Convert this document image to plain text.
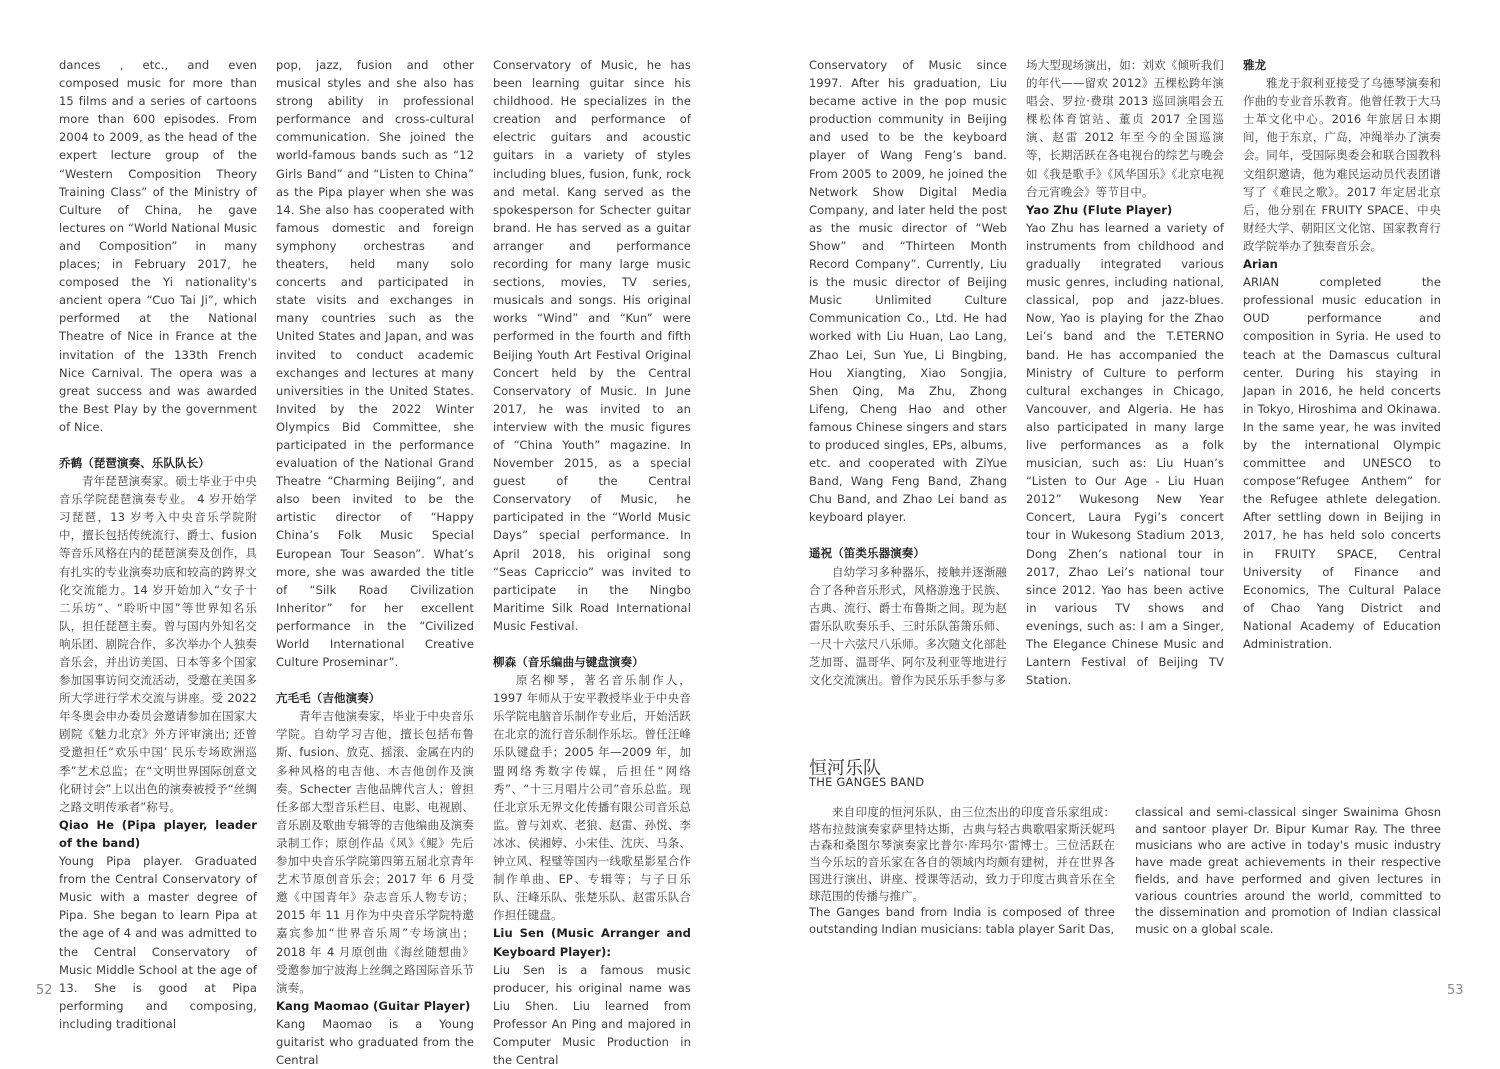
dances , etc., and even composed music for more than 15 films and a series of cartoons more than 600 episodes. From 2004 to 2009, as the head of the expert lecture group of the “Western Composition Theory Training Class” of the Ministry of Culture of China, he gave lectures on “World National Music and Composition” in many places; in February 2017, he composed the Yi nationality's ancient opera “Cuo Tai Ji”, which performed at the National Theatre of Nice in France at the invitation of the 133th French Nice Carnival. The opera was a great success and was awarded the Best Play by the government of Nice.

乔鹤（琵琶演奏、乐队队长）

青年琵琶演奏家。硕士毕业于中央音乐学院琵琶演奏专业。 4 岁开始学习琵琶，13 岁考入中央音乐学院附中，擅长包括传统流行、爵士、fusion 等音乐风格在内的琵琶演奏及创作，具有扎实的专业演奏功底和较高的跨界文化交流能力。14 岁开始加入“女子十二乐坊”、“聆听中国”等世界知名乐队，担任琵琶主奏。曾与国内外知名交响乐团、剧院合作，多次举办个人独奏音乐会，并出访美国、日本等多个国家参加国事访问交流活动，受邀在美国多所大学进行学术交流与讲座。受 2022 年冬奥会申办委员会邀请参加在国家大剧院《魅力北京》外方评审演出; 还曾受邀担任“欢乐中国’ 民乐专场欧洲巡季”艺术总监；在“文明世界国际创意文化研讨会”上以出色的演奏被授予“丝绸之路文明传承者”称号。

Qiao He (Pipa player, leader of the band)

Young Pipa player. Graduated from the Central Conservatory of Music with a master degree of Pipa. She began to learn Pipa at the age of 4 and was admitted to the Central Conservatory of Music Middle School at the age of 13. She is good at Pipa performing and composing, including traditional

pop, jazz, fusion and other musical styles and she also has strong ability in professional performance and cross-cultural communication. She joined the world-famous bands such as “12 Girls Band” and “Listen to China” as the Pipa player when she was 14. She also has cooperated with famous domestic and foreign symphony orchestras and theaters, held many solo concerts and participated in state visits and exchanges in many countries such as the United States and Japan, and was invited to conduct academic exchanges and lectures at many universities in the United States. Invited by the 2022 Winter Olympics Bid Committee, she participated in the performance evaluation of the National Grand Theatre “Charming Beijing”, and also been invited to be the artistic director of “Happy China’s Folk Music Special European Tour Season”. What’s more, she was awarded the title of “Silk Road Civilization Inheritor” for her excellent performance in the “Civilized World International Creative Culture Proseminar”.

亢毛毛（吉他演奏）

青年吉他演奏家，毕业于中央音乐学院。自幼学习吉他，擅长包括布鲁斯、fusion、放克、摇滚、金属在内的多种风格的电吉他、木吉他创作及演奏。Schecter 吉他品牌代言人；曾担任多部大型音乐栏目、电影、电视剧、音乐剧及歌曲专辑等的吉他编曲及演奏录制工作；原创作品《风》《鲲》先后参加中央音乐学院第四第五届北京青年艺术节原创音乐会；2017 年 6 月受邀《中国青年》杂志音乐人物专访；2015 年 11 月作为中央音乐学院特邀嘉宾参加“世界音乐周”专场演出；2018 年 4 月原创曲《海丝随想曲》受邀参加宁波海上丝绸之路国际音乐节演奏。

Kang Maomao (Guitar Player)

Kang Maomao is a Young guitarist who graduated from the Central

Conservatory of Music, he has been learning guitar since his childhood. He specializes in the creation and performance of electric guitars and acoustic guitars in a variety of styles including blues, fusion, funk, rock and metal. Kang served as the spokesperson for Schecter guitar brand. He has served as a guitar arranger and performance recording for many large music sections, movies, TV series, musicals and songs. His original works “Wind” and “Kun” were performed in the fourth and fifth Beijing Youth Art Festival Original Concert held by the Central Conservatory of Music. In June 2017, he was invited to an interview with the music figures of “China Youth” magazine. In November 2015, as a special guest of the Central Conservatory of Music, he participated in the “World Music Days” special performance. In April 2018, his original song “Seas Capriccio” was invited to participate in the Ningbo Maritime Silk Road International Music Festival.

柳森（音乐编曲与键盘演奏）

原名柳琴，著名音乐制作人，1997 年师从于安平教授毕业于中央音乐学院电脑音乐制作专业后，开始活跃在北京的流行音乐制作乐坛。曾任汪峰乐队键盘手；2005 年—2009 年，加盟网络秀数字传媒，后担任“网络秀”、“十三月唱片公司”音乐总监。现任北京乐无界文化传播有限公司音乐总监。曾与刘欢、老狼、赵雷、孙悦、李冰冰、侯湘婷、小宋佳、沈庆、马条、钟立风、程璧等国内一线歌星影星合作制作单曲、EP、专辑等；与子日乐队、汪峰乐队、张楚乐队、赵雷乐队合作担任键盘。

Liu Sen (Music Arranger and Keyboard Player):

Liu Sen is a famous music producer, his original name was Liu Shen. Liu learned from Professor An Ping and majored in Computer Music Production in the Central

Conservatory of Music since 1997. After his graduation, Liu became active in the pop music production community in Beijing and used to be the keyboard player of Wang Feng’s band. From 2005 to 2009, he joined the Network Show Digital Media Company, and later held the post as the music director of “Web Show” and “Thirteen Month Record Company”. Currently, Liu is the music director of Beijing Music Unlimited Culture Communication Co., Ltd. He had worked with Liu Huan, Lao Lang, Zhao Lei, Sun Yue, Li Bingbing, Hou Xiangting, Xiao Songjia, Shen Qing, Ma Zhu, Zhong Lifeng, Cheng Hao and other famous Chinese singers and stars to produced singles, EPs, albums, etc. and cooperated with ZiYue Band, Wang Feng Band, Zhang Chu Band, and Zhao Lei band as keyboard player.

遥祝（笛类乐器演奏）

自幼学习多种器乐，接触并逐渐融合了各种音乐形式，风格游逸于民族、古典、流行、爵士布鲁斯之间。现为赵雷乐队吹奏乐手、三时乐队笛箫乐师、一尺十六弦尺八乐师。多次随文化部赴芝加哥、温哥华、阿尔及利亚等地进行文化交流演出。曾作为民乐乐手参与多

场大型现场演出，如：刘欢《倾听我们的年代——留欢 2012》五棵松跨年演唱会、罗拉·费琪 2013 巡回演唱会五棵松体育馆站、董贞 2017 全国巡演、赵雷 2012 年至今的全国巡演等，长期活跃在各电视台的综艺与晚会如《我是歌手》《风华国乐》《北京电视台元宵晚会》等节目中。

Yao Zhu (Flute Player)

Yao Zhu has learned a variety of instruments from childhood and gradually integrated various music genres, including national, classical, pop and jazz-blues. Now, Yao is playing for the Zhao Lei’s band and the T.ETERNO band. He has accompanied the Ministry of Culture to perform cultural exchanges in Chicago, Vancouver, and Algeria. He has also participated in many large live performances as a folk musician, such as: Liu Huan’s “Listen to Our Age - Liu Huan 2012” Wukesong New Year Concert, Laura Fygi’s concert tour in Wukesong Stadium 2013, Dong Zhen’s national tour in 2017, Zhao Lei’s national tour since 2012. Yao has been active in various TV shows and evenings, such as: I am a Singer, The Elegance Chinese Music and Lantern Festival of Beijing TV Station.

雅龙

雅龙于叙利亚接受了乌德琴演奏和作曲的专业音乐教育。他曾任教于大马士革文化中心。2016 年旅居日本期间，他于东京，广岛，冲绳举办了演奏会。同年，受国际奥委会和联合国教科文组织邀请，他为难民运动员代表团谱写了《难民之歌》。2017 年定居北京后，他分别在 FRUITY SPACE、中央财经大学、朝阳区文化馆、国家教育行政学院举办了独奏音乐会。

Arian

ARIAN completed the professional music education in OUD performance and composition in Syria. He used to teach at the Damascus cultural center. During his staying in Japan in 2016, he held concerts in Tokyo, Hiroshima and Okinawa. In the same year, he was invited by the international Olympic committee and UNESCO to compose“Refugee Anthem” for the Refugee athlete delegation. After settling down in Beijing in 2017, he has held solo concerts in FRUITY SPACE, Central University of Finance and Economics, The Cultural Palace of Chao Yang District and National Academy of Education Administration.

恒河乐队
THE GANGES BAND

来自印度的恒河乐队，由三位杰出的印度音乐家组成：塔布拉鼓演奏家萨里特达斯，古典与轻古典歌唱家斯沃妮玛古森和桑图尔琴演奏家比普尔·库玛尔·雷博士。三位活跃在当今乐坛的音乐家在各自的领域内均颇有建树，并在世界各国进行演出、讲座、授课等活动，致力于印度古典音乐在全球范围的传播与推广。

The Ganges band from India is composed of three outstanding Indian musicians: tabla player Sarit Das,

classical and semi-classical singer Swainima Ghosn and santoor player Dr. Bipur Kumar Ray. The three musicians who are active in today's music industry have made great achievements in their respective fields, and have performed and given lectures in various countries around the world, committed to the dissemination and promotion of Indian classical music on a global scale.

52	53
